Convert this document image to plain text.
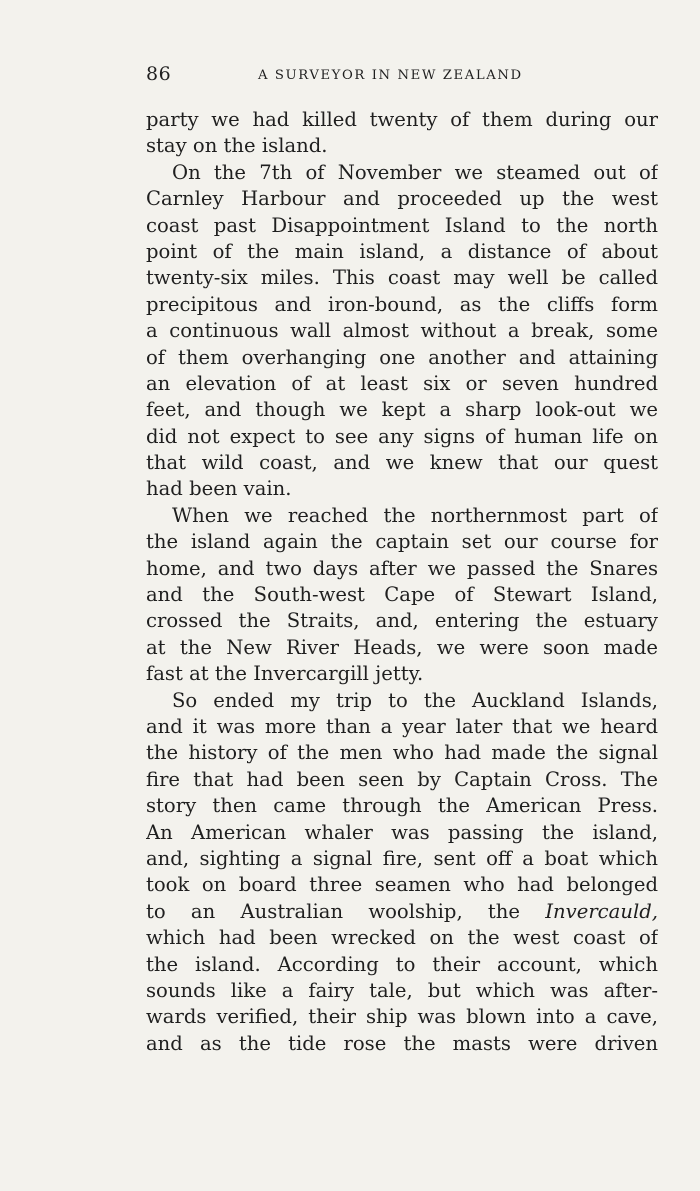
86	A SURVEYOR IN NEW ZEALAND
party we had killed twenty of them during our
stay on the island.
On the 7th of November we steamed out of
Carnley Harbour and proceeded up the west
coast past Disappointment Island to the north
point of the main island, a distance of about
twenty-six miles. This coast may well be called
precipitous and iron-bound, as the cliffs form
a continuous wall almost without a break, some
of them overhanging one another and attaining
an elevation of at least six or seven hundred
feet, and though we kept a sharp look-out we
did not expect to see any signs of human life on
that wild coast, and we knew that our quest
had been vain.
When we reached the northernmost part of
the island again the captain set our course for
home, and two days after we passed the Snares
and the South-west Cape of Stewart Island,
crossed the Straits, and, entering the estuary
at the New River Heads, we were soon made
fast at the Invercargill jetty.
So ended my trip to the Auckland Islands,
and it was more than a year later that we heard
the history of the men who had made the signal
fire that had been seen by Captain Cross. The
story then came through the American Press.
An American whaler was passing the island,
and, sighting a signal fire, sent off a boat which
took on board three seamen who had belonged
to an Australian woolship, the Invercauld,
which had been wrecked on the west coast of
the island. According to their account, which
sounds like a fairy tale, but which was after-
wards verified, their ship was blown into a cave,
and as the tide rose the masts were driven
